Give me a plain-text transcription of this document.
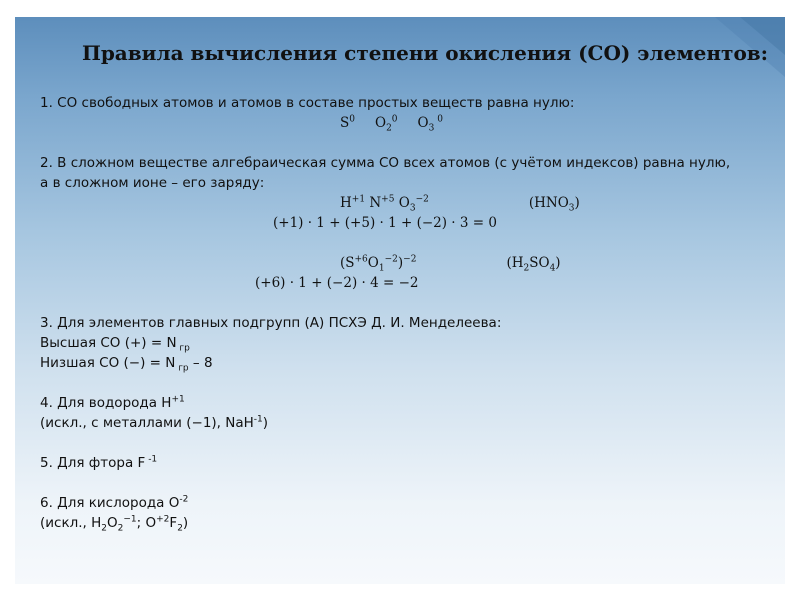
Правила вычисления степени окисления (СО) элементов:
1. СО свободных атомов и атомов в составе простых веществ равна нулю:
$S^0$ $O_2^0$ $O_3$ $^0$
2. В сложном веществе алгебраическая сумма СО всех атомов (с учётом индексов) равна нулю,
а в сложном ионе – его заряду:
$H^{+1}$ $N^{+5}$ $O_3^{-2}$	$(HNO_3)$
(+1) · 1 + (+5) · 1 + (−2) · 3 = 0
$(S^{+6}O_1^{-2})^{-2}$	$(H_2SO_4)$
(+6) · 1 + (−2) · 4 = −2
3. Для элементов главных подгрупп (А) ПСХЭ Д. И. Менделеева:
Высшая СО (+) = N $_{гр}$
Низшая СО (−) = N $_{гр}$ – 8
4. Для водорода $H^{+1}$
(искл., с металлами (−1), NaH$^{-1}$)
5. Для фтора F $^{-1}$
6. Для кислорода $O^{-2}$
(искл., $H_2O_2^{-1}$; $O^{+2}F_2$)
